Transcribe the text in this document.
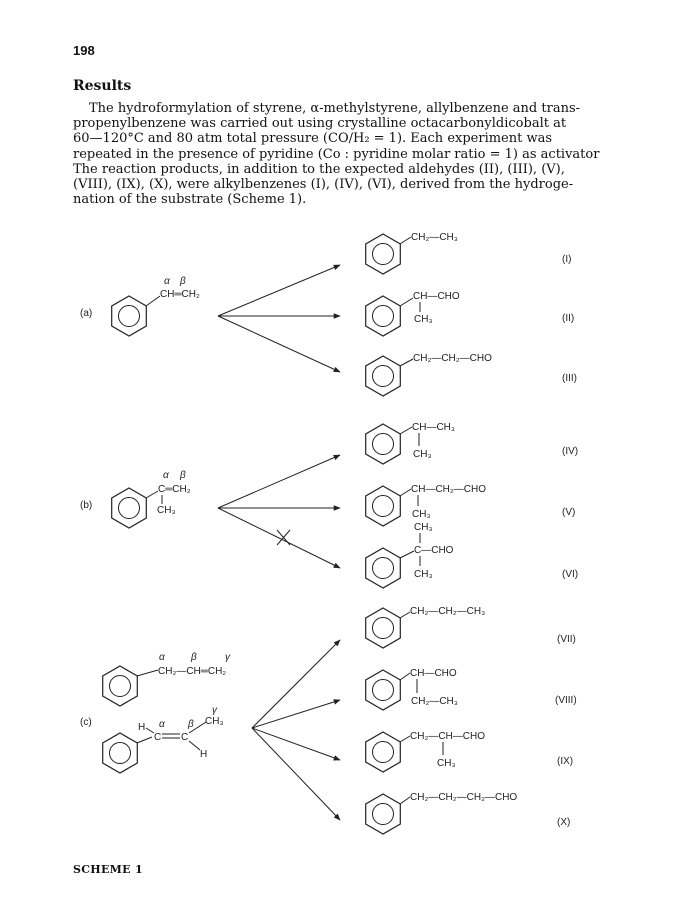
198
Results

The hydroformylation of styrene, α-methylstyrene, allylbenzene and trans-
propenylbenzene was carried out using crystalline octacarbonyldicobalt at
60—120°C and 80 atm total pressure (CO/H₂ = 1). Each experiment was
repeated in the presence of pyridine (Co : pyridine molar ratio = 1) as activator
The reaction products, in addition to the expected aldehydes (II), (III), (V),
(VIII), (IX), (X), were alkylbenzenes (I), (IV), (VI), derived from the hydroge-
nation of the substrate (Scheme 1).

(a)
α β
CH═CH₂
CH₂—CH₃
(I)
CH—CHO
CH₃	(II)
CH₂—CH₂—CHO
(III)
(b)
α β
C═CH₂
CH₃
CH—CH₃
CH₃	(IV)
CH—CH₂—CHO
CH₃	(V)
CH₃
C—CHO
CH₃	(VI)
α	β	γ
CH₂—CH═CH₂
(c)	H α β
γ
C C
CH₃
H
CH₂—CH₂—CH₃
(VII)
CH—CHO
CH₂—CH₃	(VIII)
CH₂—CH—CHO
CH₃	(IX)
CH₂—CH₂—CH₂—CHO
(X)
SCHEME 1
